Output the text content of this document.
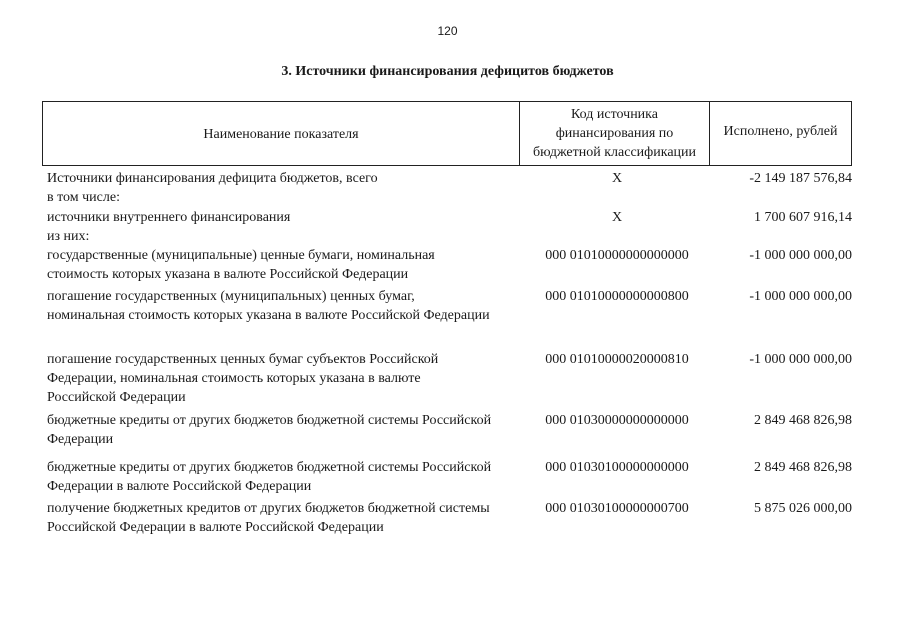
120
3. Источники финансирования дефицитов бюджетов
Наименование показателя
Код источника финансирования по бюджетной классификации
Исполнено, рублей
Источники финансирования дефицита бюджетов, всего	X	-2 149 187 576,84
в том числе:
источники внутреннего финансирования	X	1 700 607 916,14
из них:
государственные (муниципальные) ценные бумаги, номинальная стоимость которых указана в валюте Российской Федерации
000 01010000000000000	-1 000 000 000,00
погашение государственных (муниципальных) ценных бумаг, номинальная стоимость которых указана в валюте Российской Федерации
000 01010000000000800	-1 000 000 000,00
погашение государственных ценных бумаг субъектов Российской Федерации, номинальная стоимость которых указана в валюте Российской Федерации
000 01010000020000810	-1 000 000 000,00
бюджетные кредиты от других бюджетов бюджетной системы Российской Федерации
000 01030000000000000	2 849 468 826,98
бюджетные кредиты от других бюджетов бюджетной системы Российской Федерации в валюте Российской Федерации
000 01030100000000000	2 849 468 826,98
получение бюджетных кредитов от других бюджетов бюджетной системы Российской Федерации в валюте Российской Федерации
000 01030100000000700	5 875 026 000,00
